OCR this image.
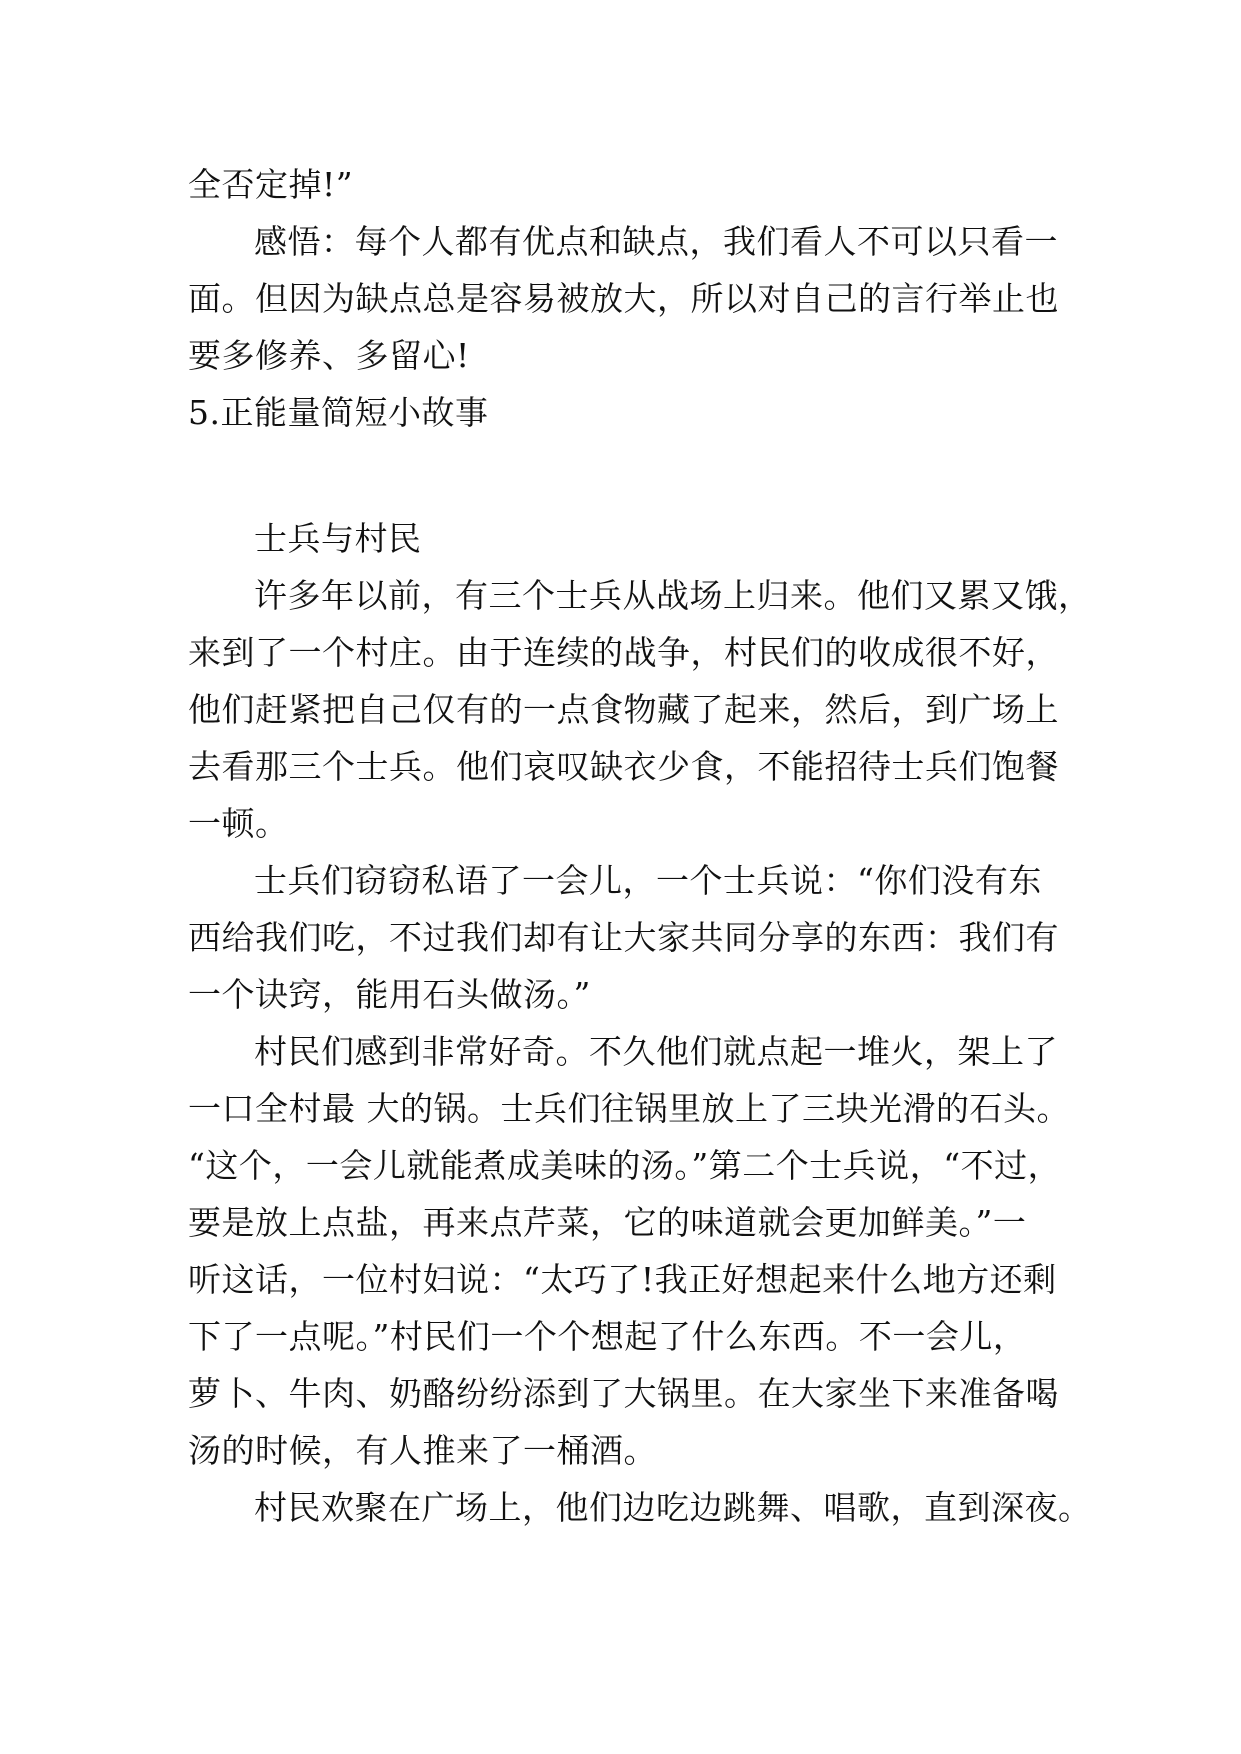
全否定掉!”
感悟：每个人都有优点和缺点，我们看人不可以只看一
面。但因为缺点总是容易被放大，所以对自己的言行举止也
要多修养、多留心!
5.正能量简短小故事
士兵与村民
许多年以前，有三个士兵从战场上归来。他们又累又饿，
来到了一个村庄。由于连续的战争，村民们的收成很不好，
他们赶紧把自己仅有的一点食物藏了起来，然后，到广场上
去看那三个士兵。他们哀叹缺衣少食，不能招待士兵们饱餐
一顿。
士兵们窃窃私语了一会儿，一个士兵说：“你们没有东
西给我们吃，不过我们却有让大家共同分享的东西：我们有
一个诀窍，能用石头做汤。”
村民们感到非常好奇。不久他们就点起一堆火，架上了
一口全村最 大的锅。士兵们往锅里放上了三块光滑的石头。
“这个，一会儿就能煮成美味的汤。”第二个士兵说，“不过，
要是放上点盐，再来点芹菜，它的味道就会更加鲜美。”一
听这话，一位村妇说：“太巧了!我正好想起来什么地方还剩
下了一点呢。”村民们一个个想起了什么东西。不一会儿，
萝卜、牛肉、奶酪纷纷添到了大锅里。在大家坐下来准备喝
汤的时候，有人推来了一桶酒。
村民欢聚在广场上，他们边吃边跳舞、唱歌，直到深夜。
